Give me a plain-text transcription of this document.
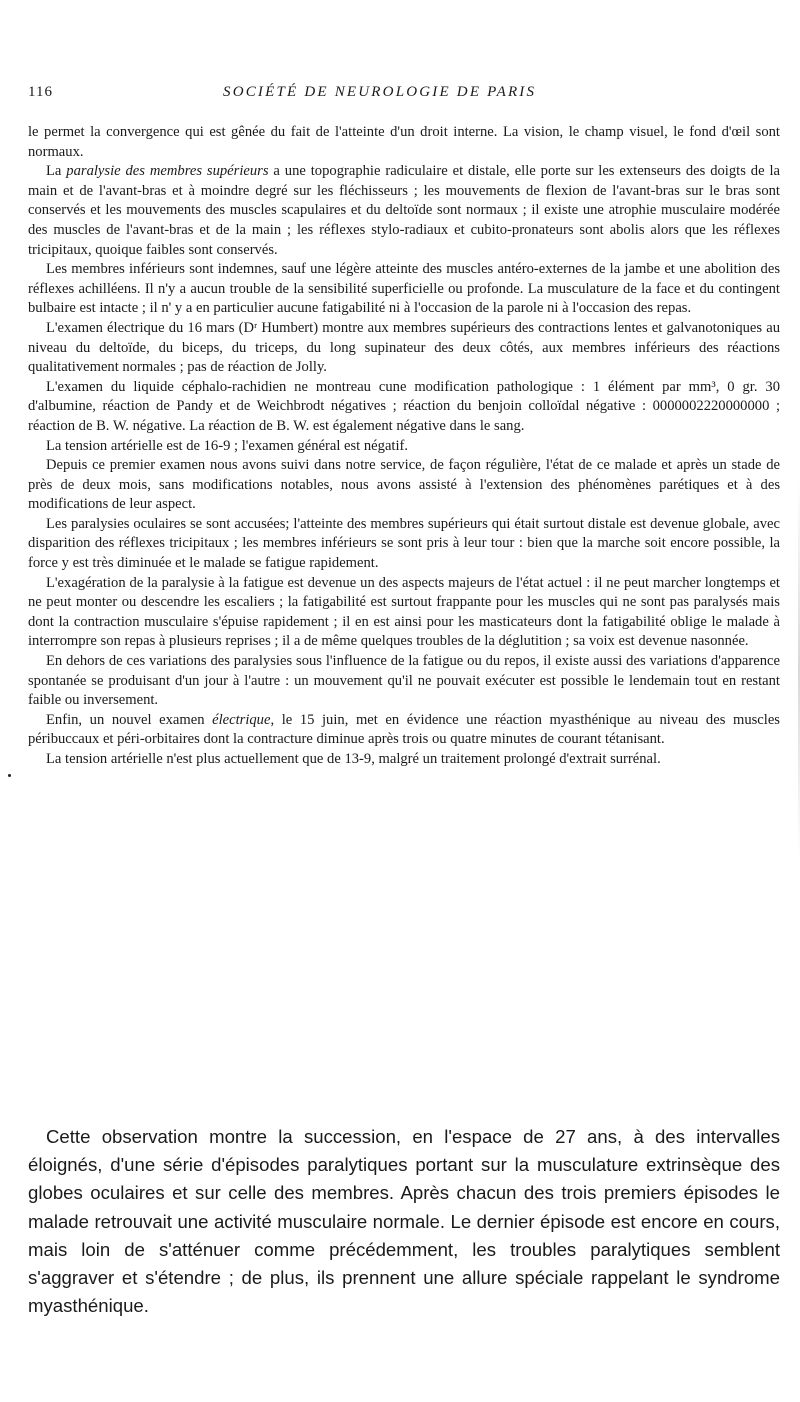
116	SOCIÉTÉ DE NEUROLOGIE DE PARIS

le permet la convergence qui est gênée du fait de l'atteinte d'un droit interne. La vision, le champ visuel, le fond d'œil sont normaux.

La paralysie des membres supérieurs a une topographie radiculaire et distale, elle porte sur les extenseurs des doigts de la main et de l'avant-bras et à moindre degré sur les fléchisseurs ; les mouvements de flexion de l'avant-bras sur le bras sont conservés et les mouvements des muscles scapulaires et du deltoïde sont normaux ; il existe une atrophie musculaire modérée des muscles de l'avant-bras et de la main ; les réflexes stylo-radiaux et cubito-pronateurs sont abolis alors que les réflexes tricipitaux, quoique faibles sont conservés.

Les membres inférieurs sont indemnes, sauf une légère atteinte des muscles antéro-externes de la jambe et une abolition des réflexes achilléens. Il n'y a aucun trouble de la sensibilité superficielle ou profonde. La musculature de la face et du contingent bulbaire est intacte ; il n' y a en particulier aucune fatigabilité ni à l'occasion de la parole ni à l'occasion des repas.

L'examen électrique du 16 mars (Dʳ Humbert) montre aux membres supérieurs des contractions lentes et galvanotoniques au niveau du deltoïde, du biceps, du triceps, du long supinateur des deux côtés, aux membres inférieurs des réactions qualitativement normales ; pas de réaction de Jolly.

L'examen du liquide céphalo-rachidien ne montreau cune modification pathologique : 1 élément par mm³, 0 gr. 30 d'albumine, réaction de Pandy et de Weichbrodt négatives ; réaction du benjoin colloïdal négative : 0000002220000000 ; réaction de B. W. négative. La réaction de B. W. est également négative dans le sang.

La tension artérielle est de 16-9 ; l'examen général est négatif.

Depuis ce premier examen nous avons suivi dans notre service, de façon régulière, l'état de ce malade et après un stade de près de deux mois, sans modifications notables, nous avons assisté à l'extension des phénomènes parétiques et à des modifications de leur aspect.

Les paralysies oculaires se sont accusées; l'atteinte des membres supérieurs qui était surtout distale est devenue globale, avec disparition des réflexes tricipitaux ; les membres inférieurs se sont pris à leur tour : bien que la marche soit encore possible, la force y est très diminuée et le malade se fatigue rapidement.

L'exagération de la paralysie à la fatigue est devenue un des aspects majeurs de l'état actuel : il ne peut marcher longtemps et ne peut monter ou descendre les escaliers ; la fatigabilité est surtout frappante pour les muscles qui ne sont pas paralysés mais dont la contraction musculaire s'épuise rapidement ; il en est ainsi pour les masticateurs dont la fatigabilité oblige le malade à interrompre son repas à plusieurs reprises ; il a de même quelques troubles de la déglutition ; sa voix est devenue nasonnée.

En dehors de ces variations des paralysies sous l'influence de la fatigue ou du repos, il existe aussi des variations d'apparence spontanée se produisant d'un jour à l'autre : un mouvement qu'il ne pouvait exécuter est possible le lendemain tout en restant faible ou inversement.

Enfin, un nouvel examen électrique, le 15 juin, met en évidence une réaction myasthénique au niveau des muscles péribuccaux et péri-orbitaires dont la contracture diminue après trois ou quatre minutes de courant tétanisant.

La tension artérielle n'est plus actuellement que de 13-9, malgré un traitement prolongé d'extrait surrénal.

Cette observation montre la succession, en l'espace de 27 ans, à des intervalles éloignés, d'une série d'épisodes paralytiques portant sur la musculature extrinsèque des globes oculaires et sur celle des membres. Après chacun des trois premiers épisodes le malade retrouvait une activité musculaire normale. Le dernier épisode est encore en cours, mais loin de s'atténuer comme précédemment, les troubles paralytiques semblent s'aggraver et s'étendre ; de plus, ils prennent une allure spéciale rappelant le syndrome myasthénique.
